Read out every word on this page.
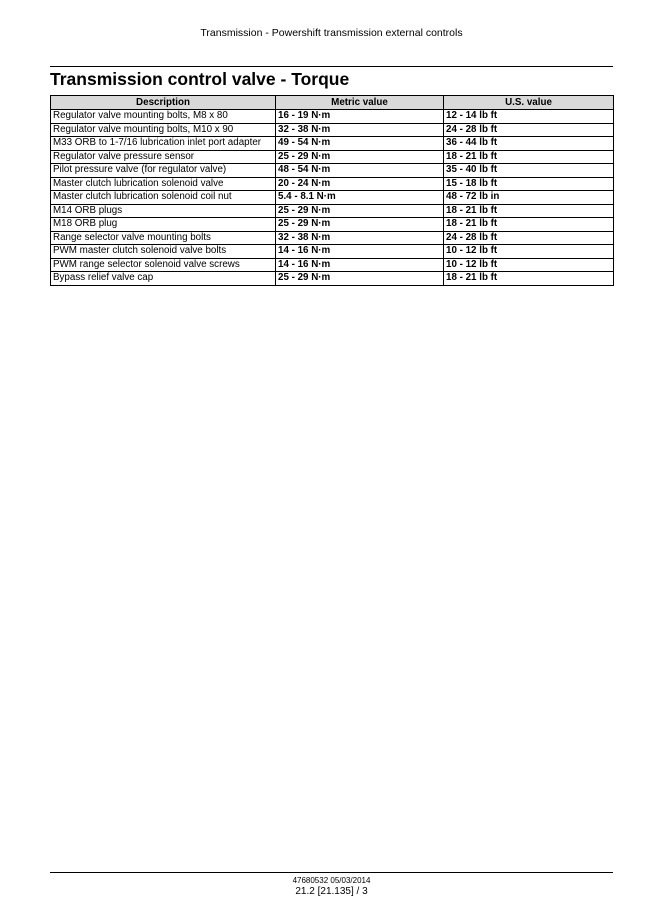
Transmission - Powershift transmission external controls
Transmission control valve - Torque
Description	Metric value	U.S. value
Regulator valve mounting bolts, M8 x 80	16 - 19 N·m	12 - 14 lb ft
Regulator valve mounting bolts, M10 x 90	32 - 38 N·m	24 - 28 lb ft
M33 ORB to 1-7/16 lubrication inlet port adapter	49 - 54 N·m	36 - 44 lb ft
Regulator valve pressure sensor	25 - 29 N·m	18 - 21 lb ft
Pilot pressure valve (for regulator valve)	48 - 54 N·m	35 - 40 lb ft
Master clutch lubrication solenoid valve	20 - 24 N·m	15 - 18 lb ft
Master clutch lubrication solenoid coil nut	5.4 - 8.1 N·m	48 - 72 lb in
M14 ORB plugs	25 - 29 N·m	18 - 21 lb ft
M18 ORB plug	25 - 29 N·m	18 - 21 lb ft
Range selector valve mounting bolts	32 - 38 N·m	24 - 28 lb ft
PWM master clutch solenoid valve bolts	14 - 16 N·m	10 - 12 lb ft
PWM range selector solenoid valve screws	14 - 16 N·m	10 - 12 lb ft
Bypass relief valve cap	25 - 29 N·m	18 - 21 lb ft
47680532 05/03/2014
21.2 [21.135] / 3
